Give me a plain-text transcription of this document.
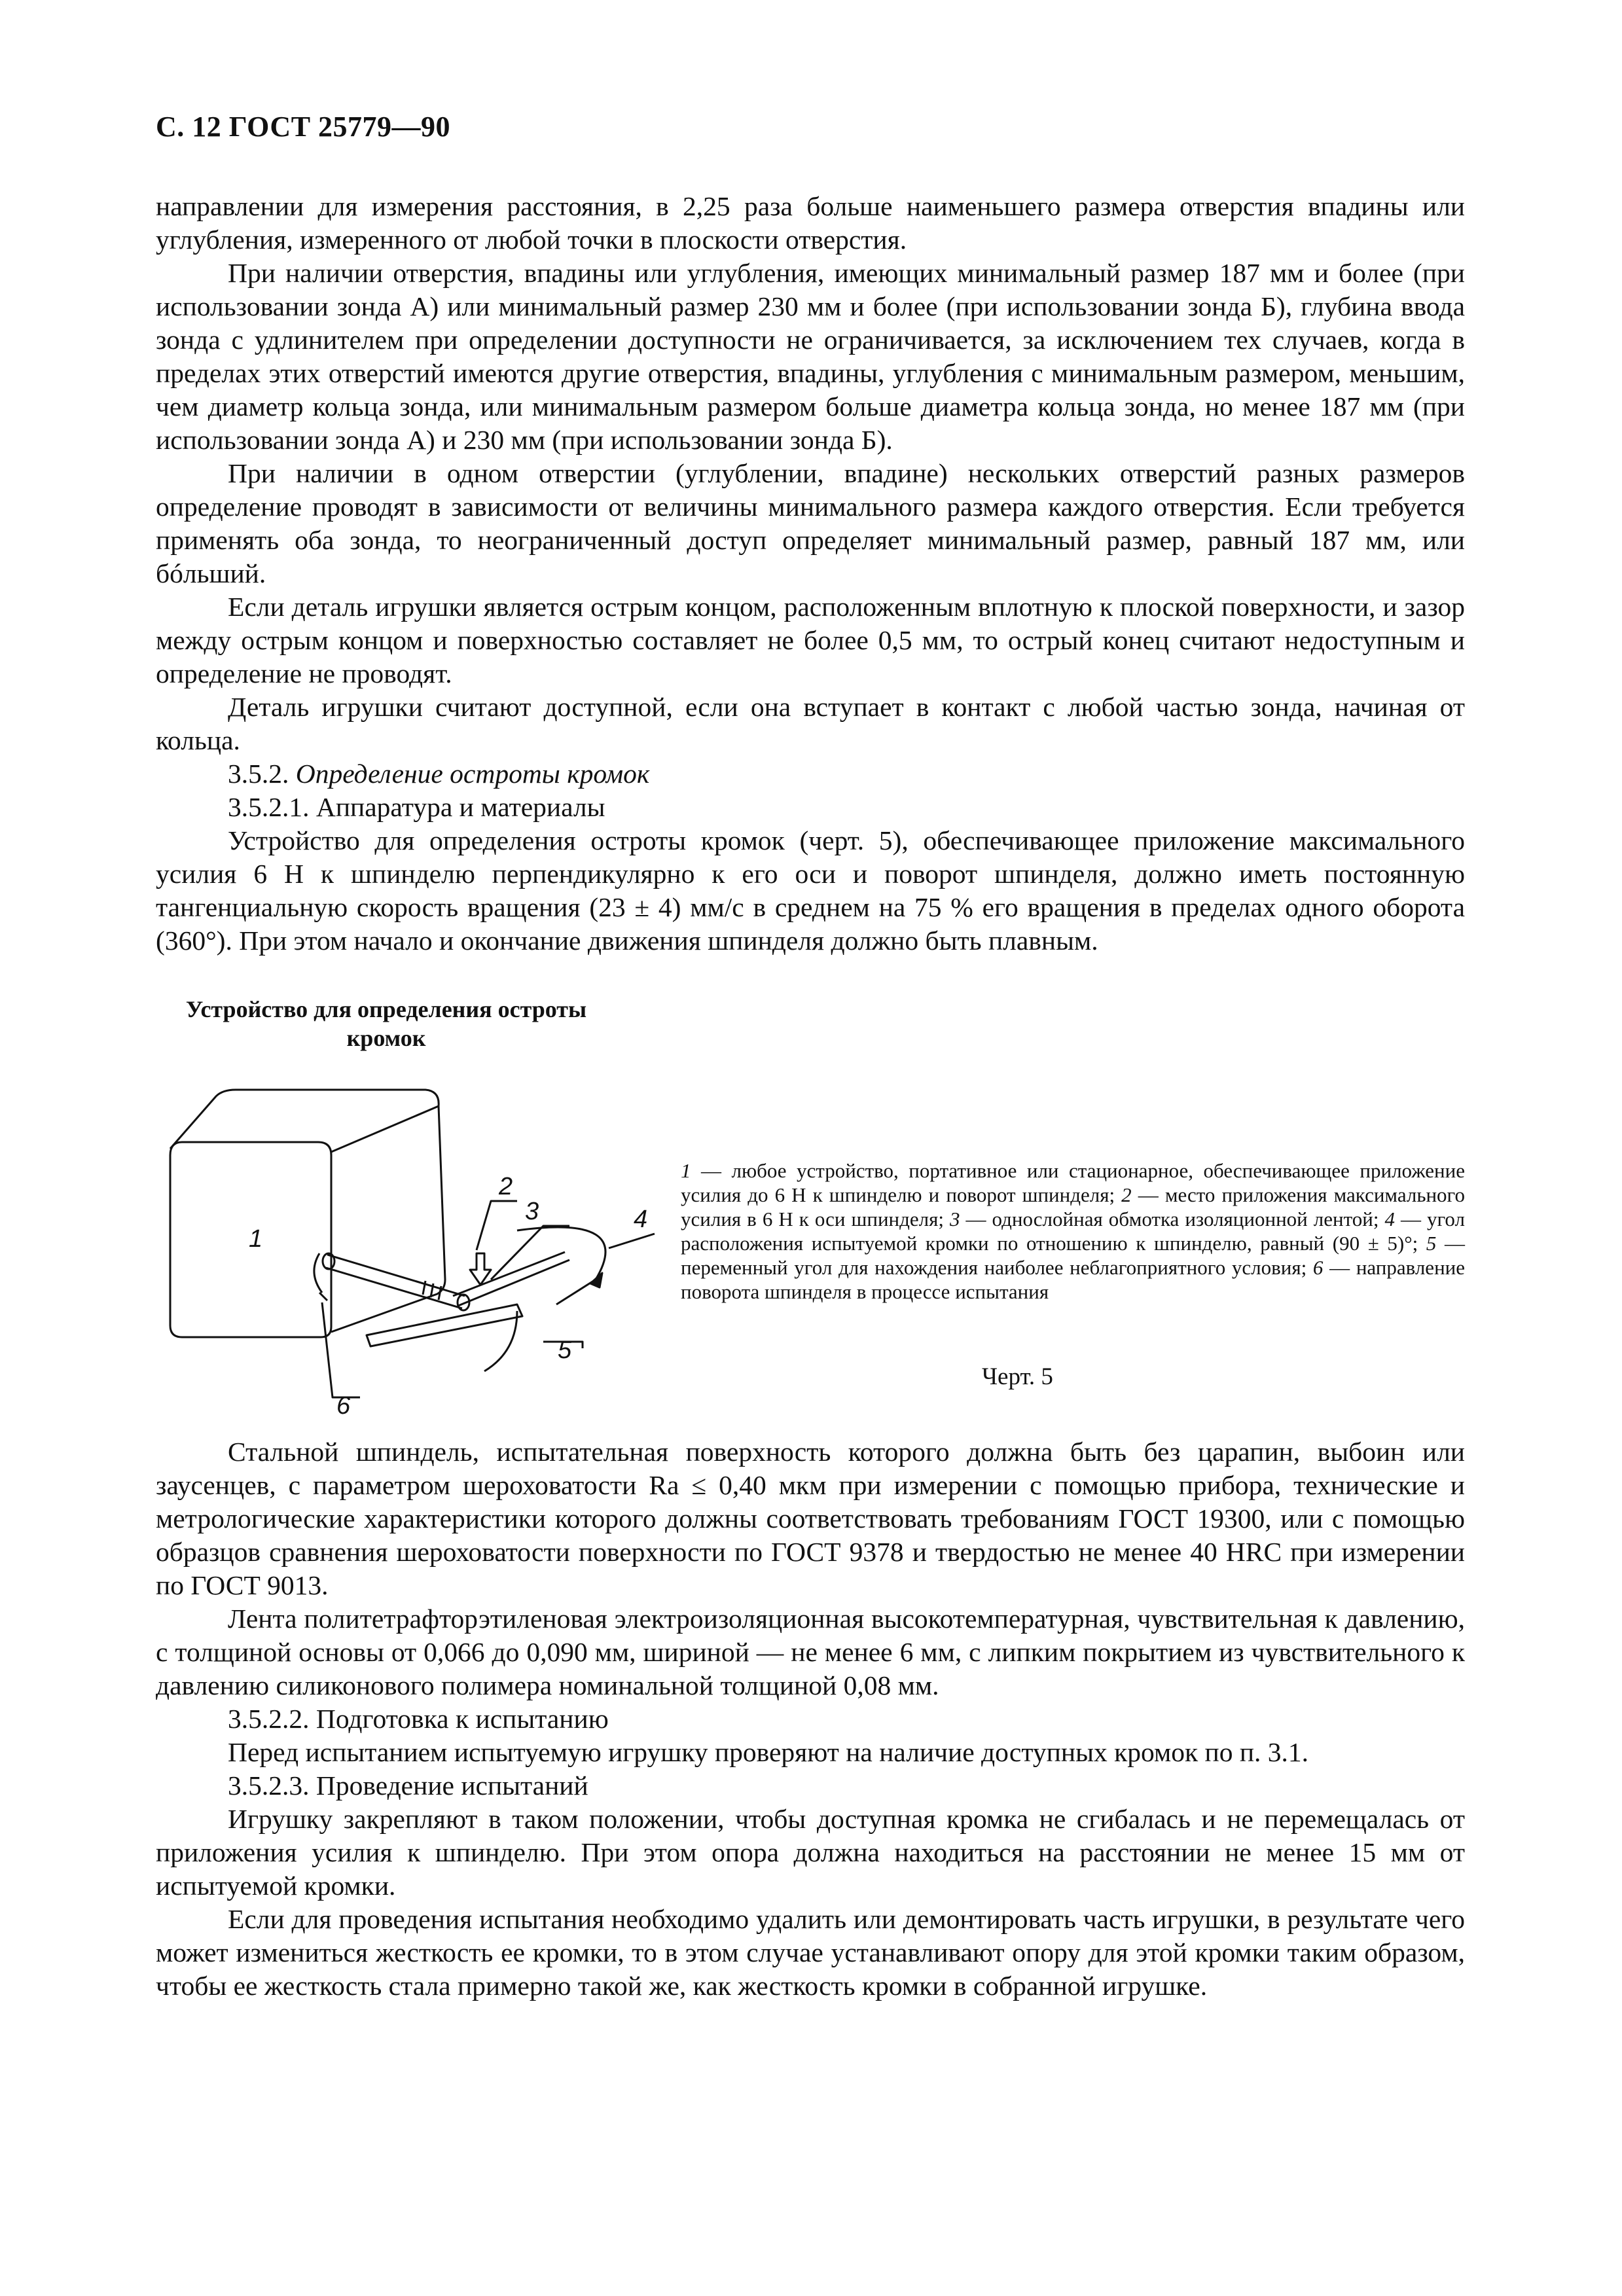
С. 12 ГОСТ 25779—90

направлении для измерения расстояния, в 2,25 раза больше наименьшего размера отверстия впадины или углубления, измеренного от любой точки в плоскости отверстия.

При наличии отверстия, впадины или углубления, имеющих минимальный размер 187 мм и более (при использовании зонда А) или минимальный размер 230 мм и более (при использовании зонда Б), глубина ввода зонда с удлинителем при определении доступности не ограничивается, за исключением тех случаев, когда в пределах этих отверстий имеются другие отверстия, впадины, углубления с минимальным размером, меньшим, чем диаметр кольца зонда, или минимальным размером больше диаметра кольца зонда, но менее 187 мм (при использовании зонда А) и 230 мм (при использовании зонда Б).

При наличии в одном отверстии (углублении, впадине) нескольких отверстий разных размеров определение проводят в зависимости от величины минимального размера каждого отверстия. Если требуется применять оба зонда, то неограниченный доступ определяет минимальный размер, равный 187 мм, или бóльший.

Если деталь игрушки является острым концом, расположенным вплотную к плоской поверхности, и зазор между острым концом и поверхностью составляет не более 0,5 мм, то острый конец считают недоступным и определение не проводят.

Деталь игрушки считают доступной, если она вступает в контакт с любой частью зонда, начиная от кольца.

3.5.2. Определение остроты кромок

3.5.2.1. Аппаратура и материалы

Устройство для определения остроты кромок (черт. 5), обеспечивающее приложение максимального усилия 6 Н к шпинделю перпендикулярно к его оси и поворот шпинделя, должно иметь постоянную тангенциальную скорость вращения (23 ± 4) мм/с в среднем на 75 % его вращения в пределах одного оборота (360°). При этом начало и окончание движения шпинделя должно быть плавным.

Устройство для определения остроты кромок
1
2
3	4
5
6

1 — любое устройство, портативное или стационарное, обеспечивающее приложение усилия до 6 Н к шпинделю и поворот шпинделя; 2 — место приложения максимального усилия в 6 Н к оси шпинделя; 3 — однослойная обмотка изоляционной лентой; 4 — угол расположения испытуемой кромки по отношению к шпинделю, равный (90 ± 5)°; 5 — переменный угол для нахождения наиболее неблагоприятного условия; 6 — направление поворота шпинделя в процессе испытания

Черт. 5

Стальной шпиндель, испытательная поверхность которого должна быть без царапин, выбоин или заусенцев, с параметром шероховатости Ra ≤ 0,40 мкм при измерении с помощью прибора, технические и метрологические характеристики которого должны соответствовать требованиям ГОСТ 19300, или с помощью образцов сравнения шероховатости поверхности по ГОСТ 9378 и твердостью не менее 40 HRC при измерении по ГОСТ 9013.

Лента политетрафторэтиленовая электроизоляционная высокотемпературная, чувствительная к давлению, с толщиной основы от 0,066 до 0,090 мм, шириной — не менее 6 мм, с липким покрытием из чувствительного к давлению силиконового полимера номинальной толщиной 0,08 мм.

3.5.2.2. Подготовка к испытанию

Перед испытанием испытуемую игрушку проверяют на наличие доступных кромок по п. 3.1.

3.5.2.3. Проведение испытаний

Игрушку закрепляют в таком положении, чтобы доступная кромка не сгибалась и не перемещалась от приложения усилия к шпинделю. При этом опора должна находиться на расстоянии не менее 15 мм от испытуемой кромки.

Если для проведения испытания необходимо удалить или демонтировать часть игрушки, в результате чего может измениться жесткость ее кромки, то в этом случае устанавливают опору для этой кромки таким образом, чтобы ее жесткость стала примерно такой же, как жесткость кромки в собранной игрушке.
